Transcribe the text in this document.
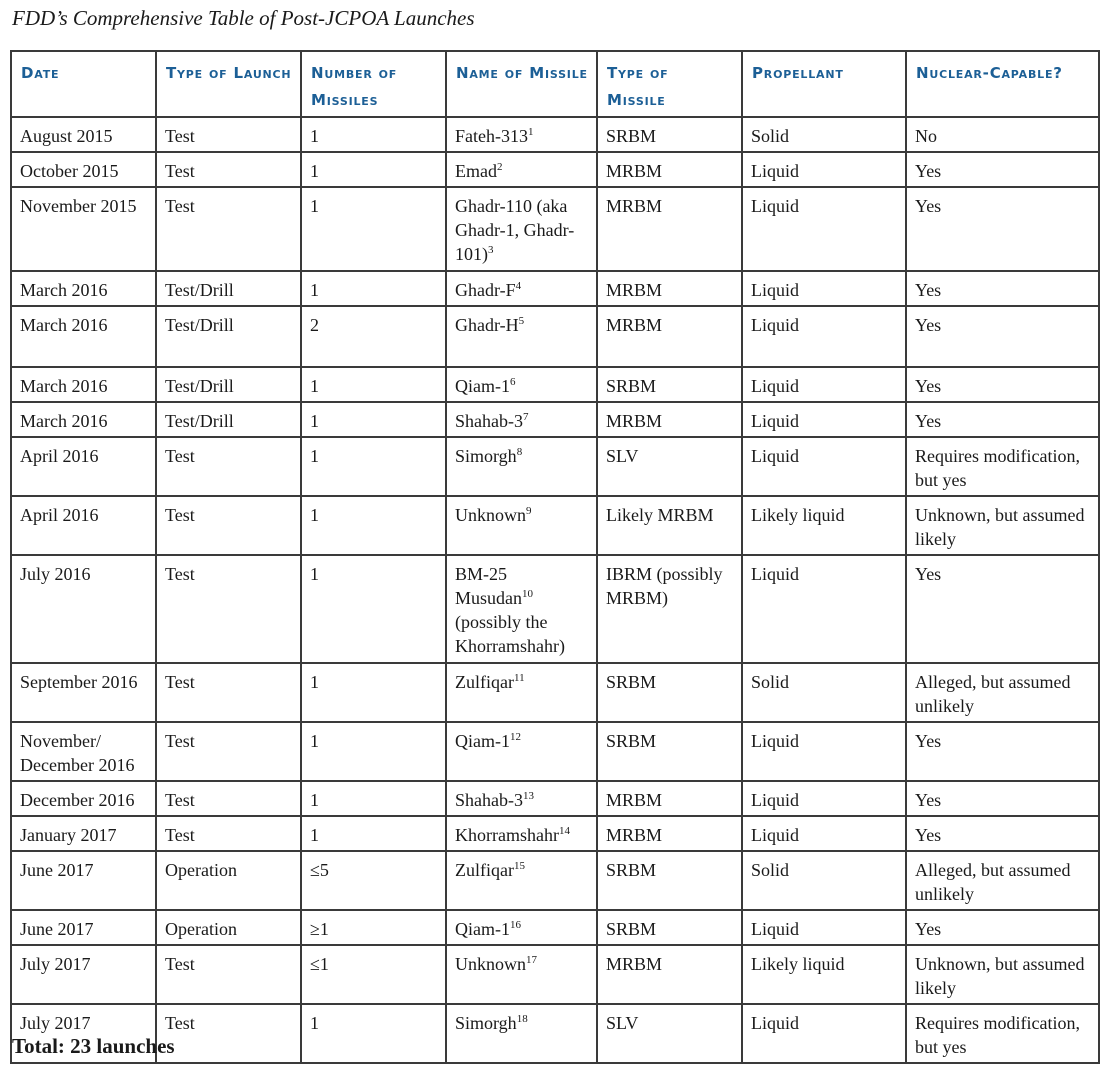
FDD’s Comprehensive Table of Post-JCPOA Launches
Date	Type of Launch	Number of Missiles	Name of Missile	Type of Missile	Propellant	Nuclear-Capable?
August 2015	Test	1	Fateh-$313^1$	SRBM	Solid	No
October 2015	Test	1	Emad$^2$	MRBM	Liquid	Yes
November 2015	Test	1	Ghadr-110 (aka Ghadr-1, Ghadr-101)$^3$	MRBM	Liquid	Yes
March 2016	Test/Drill	1	Ghadr-$F^4$	MRBM	Liquid	Yes
March 2016	Test/Drill	2	Ghadr-$H^5$	MRBM	Liquid	Yes
March 2016	Test/Drill	1	Qiam-$1^6$	SRBM	Liquid	Yes
March 2016	Test/Drill	1	Shahab-$3^7$	MRBM	Liquid	Yes
April 2016	Test	1	Simorgh$^8$	SLV	Liquid	Requires modification, but yes
April 2016	Test	1	Unknown$^9$	Likely MRBM	Likely liquid	Unknown, but assumed likely
July 2016	Test	1	BM-25 Musudan$^{10}$ (possibly the Khorramshahr)	IBRM (possibly MRBM)	Liquid	Yes
September 2016	Test	1	Zulfiqar$^{11}$	SRBM	Solid	Alleged, but assumed unlikely
November/ December 2016	Test	1	Qiam-$1^{12}$	SRBM	Liquid	Yes
December 2016	Test	1	Shahab-$3^{13}$	MRBM	Liquid	Yes
January 2017	Test	1	Khorramshahr$^{14}$	MRBM	Liquid	Yes
June 2017	Operation	≤5	Zulfiqar$^{15}$	SRBM	Solid	Alleged, but assumed unlikely
June 2017	Operation	≥1	Qiam-$1^{16}$	SRBM	Liquid	Yes
July 2017	Test	≤1	Unknown$^{17}$	MRBM	Likely liquid	Unknown, but assumed likely
July 2017	Test	1	Simorgh$^{18}$	SLV	Liquid	Requires modification, but yes
Total: 23 launches
